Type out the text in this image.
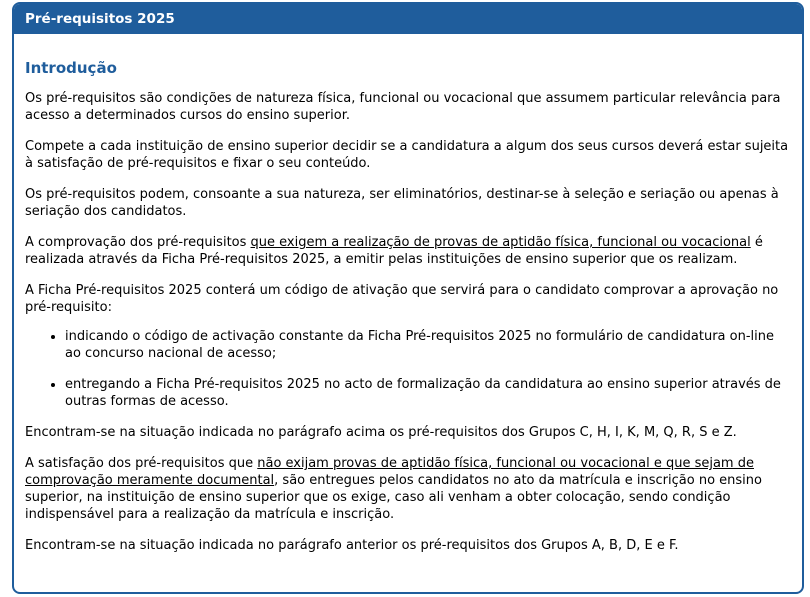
Pré-requisitos 2025
Introdução

Os pré-requisitos são condições de natureza física, funcional ou vocacional que assumem particular relevância para acesso a determinados cursos do ensino superior.

Compete a cada instituição de ensino superior decidir se a candidatura a algum dos seus cursos deverá estar sujeita à satisfação de pré-requisitos e fixar o seu conteúdo.

Os pré-requisitos podem, consoante a sua natureza, ser eliminatórios, destinar-se à seleção e seriação ou apenas à seriação dos candidatos.

A comprovação dos pré-requisitos que exigem a realização de provas de aptidão física, funcional ou vocacional é realizada através da Ficha Pré-requisitos 2025, a emitir pelas instituições de ensino superior que os realizam.

A Ficha Pré-requisitos 2025 conterá um código de ativação que servirá para o candidato comprovar a aprovação no pré-requisito:

• indicando o código de activação constante da Ficha Pré-requisitos 2025 no formulário de candidatura on-line ao concurso nacional de acesso;
• entregando a Ficha Pré-requisitos 2025 no acto de formalização da candidatura ao ensino superior através de outras formas de acesso.

Encontram-se na situação indicada no parágrafo acima os pré-requisitos dos Grupos C, H, I, K, M, Q, R, S e Z.

A satisfação dos pré-requisitos que não exijam provas de aptidão física, funcional ou vocacional e que sejam de comprovação meramente documental, são entregues pelos candidatos no ato da matrícula e inscrição no ensino superior, na instituição de ensino superior que os exige, caso ali venham a obter colocação, sendo condição indispensável para a realização da matrícula e inscrição.

Encontram-se na situação indicada no parágrafo anterior os pré-requisitos dos Grupos A, B, D, E e F.
